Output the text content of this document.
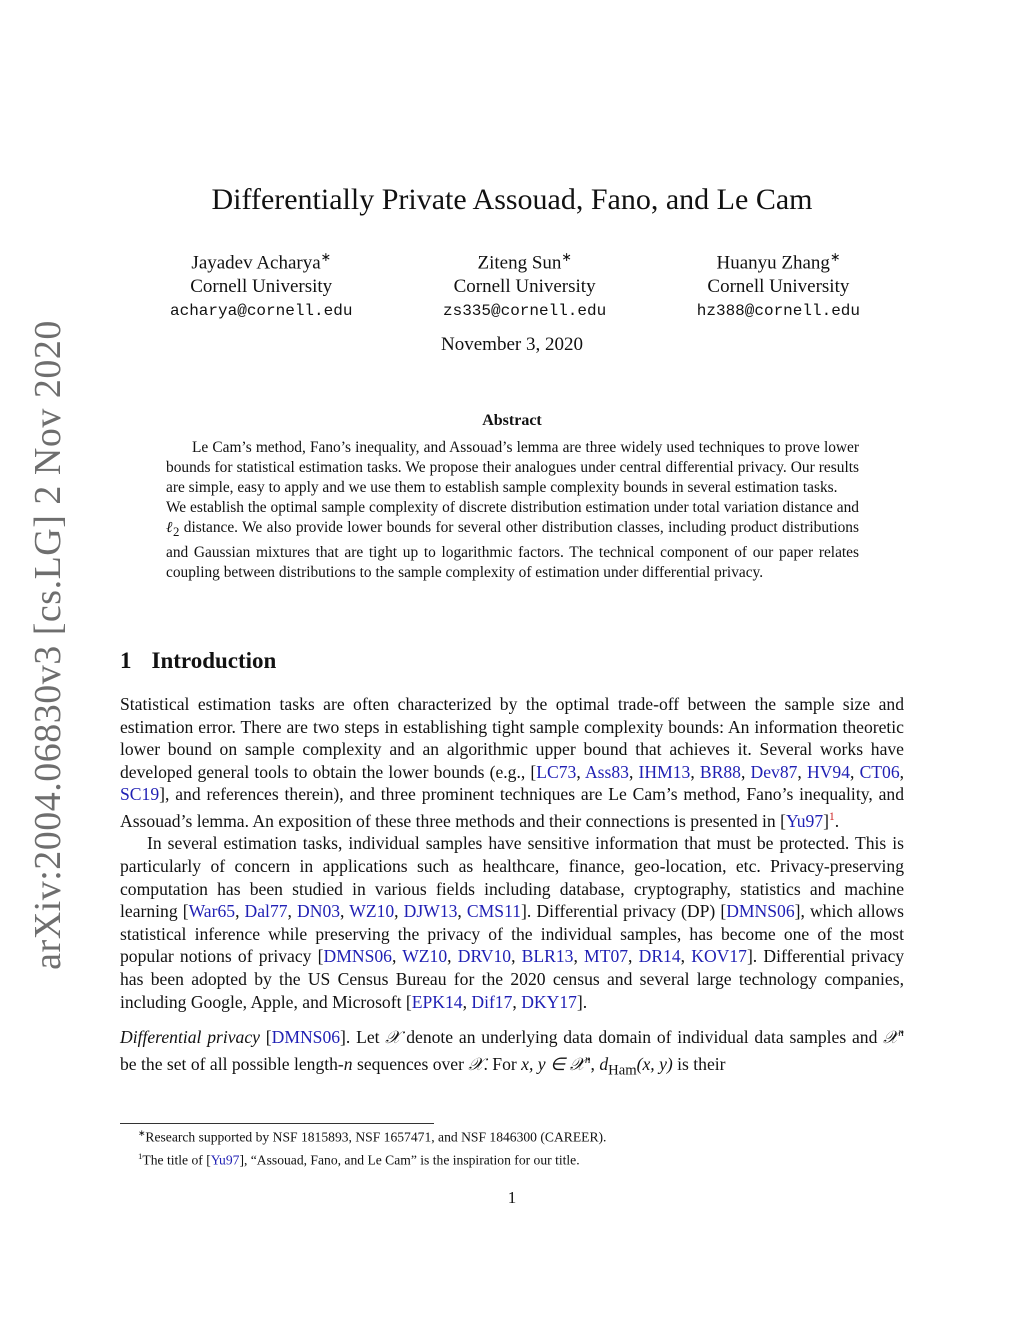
arXiv:2004.06830v3 [cs.LG] 2 Nov 2020
Differentially Private Assouad, Fano, and Le Cam
Jayadev Acharya∗
Cornell University
acharya@cornell.edu
Ziteng Sun∗
Cornell University
zs335@cornell.edu
Huanyu Zhang∗
Cornell University
hz388@cornell.edu
November 3, 2020
Abstract

Le Cam’s method, Fano’s inequality, and Assouad’s lemma are three widely used techniques to prove lower bounds for statistical estimation tasks. We propose their analogues under central differential privacy. Our results are simple, easy to apply and we use them to establish sample complexity bounds in several estimation tasks.

We establish the optimal sample complexity of discrete distribution estimation under total variation distance and ℓ$_2$ distance. We also provide lower bounds for several other distribution classes, including product distributions and Gaussian mixtures that are tight up to logarithmic factors. The technical component of our paper relates coupling between distributions to the sample complexity of estimation under differential privacy.

1 Introduction

Statistical estimation tasks are often characterized by the optimal trade-off between the sample size and estimation error. There are two steps in establishing tight sample complexity bounds: An information theoretic lower bound on sample complexity and an algorithmic upper bound that achieves it. Several works have developed general tools to obtain the lower bounds (e.g., [LC73, Ass83, IHM13, BR88, Dev87, HV94, CT06, SC19], and references therein), and three prominent techniques are Le Cam’s method, Fano’s inequality, and Assouad’s lemma. An exposition of these three methods and their connections is presented in $[Yu97]^1$.

In several estimation tasks, individual samples have sensitive information that must be protected. This is particularly of concern in applications such as healthcare, finance, geo-location, etc. Privacy-preserving computation has been studied in various fields including database, cryptography, statistics and machine learning [War65, Dal77, DN03, WZ10, DJW13, CMS11]. Differential privacy (DP) [DMNS06], which allows statistical inference while preserving the privacy of the individual samples, has become one of the most popular notions of privacy [DMNS06, WZ10, DRV10, BLR13, MT07, DR14, KOV17]. Differential privacy has been adopted by the US Census Bureau for the 2020 census and several large technology companies, including Google, Apple, and Microsoft [EPK14, Dif17, DKY17].

Differential privacy [DMNS06]. Let 𝒳 denote an underlying data domain of individual data samples and 𝒳$^n$ be the set of all possible length-n sequences over 𝒳. For x, y ∈ 𝒳$^n$, $d_{Ham}(x$, y) is their

∗Research supported by NSF 1815893, NSF 1657471, and NSF 1846300 (CAREER).

$^1$The title of [Yu97], “Assouad, Fano, and Le Cam” is the inspiration for our title.

1
